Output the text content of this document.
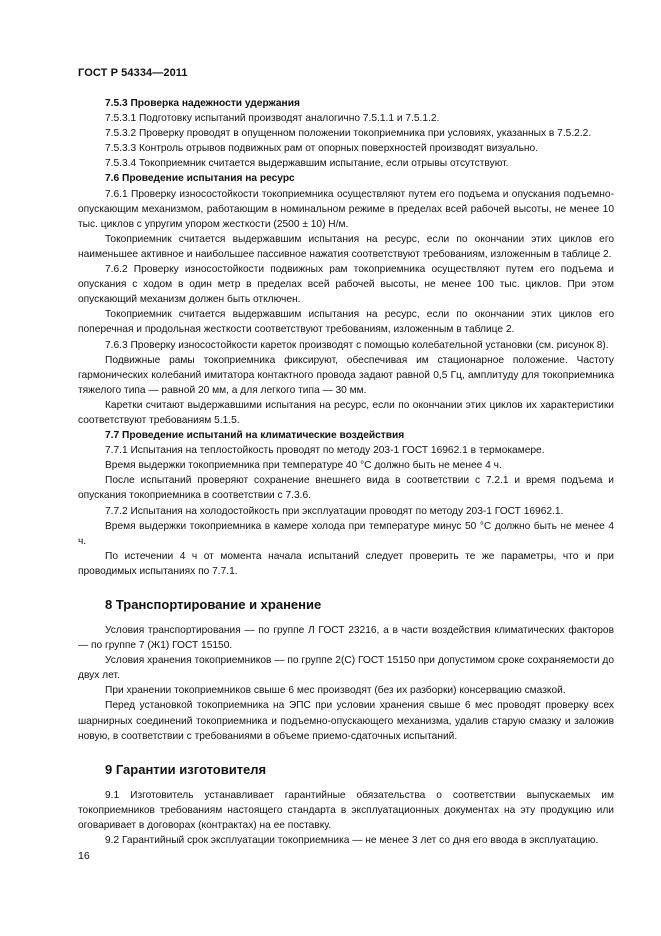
ГОСТ Р 54334—2011

7.5.3 Проверка надежности удержания

7.5.3.1 Подготовку испытаний производят аналогично 7.5.1.1 и 7.5.1.2.

7.5.3.2 Проверку проводят в опущенном положении токоприемника при условиях, указанных в 7.5.2.2.

7.5.3.3 Контроль отрывов подвижных рам от опорных поверхностей производят визуально.

7.5.3.4 Токоприемник считается выдержавшим испытание, если отрывы отсутствуют.

7.6 Проведение испытания на ресурс

7.6.1 Проверку износостойкости токоприемника осуществляют путем его подъема и опускания подъемно-опускающим механизмом, работающим в номинальном режиме в пределах всей рабочей высоты, не менее 10 тыс. циклов с упругим упором жесткости (2500 ± 10) Н/м.

Токоприемник считается выдержавшим испытания на ресурс, если по окончании этих циклов его наименьшее активное и наибольшее пассивное нажатия соответствуют требованиям, изложенным в таблице 2.

7.6.2 Проверку износостойкости подвижных рам токоприемника осуществляют путем его подъема и опускания с ходом в один метр в пределах всей рабочей высоты, не менее 100 тыс. циклов. При этом опускающий механизм должен быть отключен.

Токоприемник считается выдержавшим испытания на ресурс, если по окончании этих циклов его поперечная и продольная жесткости соответствуют требованиям, изложенным в таблице 2.

7.6.3 Проверку износостойкости кареток производят с помощью колебательной установки (см. рисунок 8).

Подвижные рамы токоприемника фиксируют, обеспечивая им стационарное положение. Частоту гармонических колебаний имитатора контактного провода задают равной 0,5 Гц, амплитуду для токоприемника тяжелого типа — равной 20 мм, а для легкого типа — 30 мм.

Каретки считают выдержавшими испытания на ресурс, если по окончании этих циклов их характеристики соответствуют требованиям 5.1.5.

7.7 Проведение испытаний на климатические воздействия

7.7.1 Испытания на теплостойкость проводят по методу 203-1 ГОСТ 16962.1 в термокамере.

Время выдержки токоприемника при температуре 40 °С должно быть не менее 4 ч.

После испытаний проверяют сохранение внешнего вида в соответствии с 7.2.1 и время подъема и опускания токоприемника в соответствии с 7.3.6.

7.7.2 Испытания на холодостойкость при эксплуатации проводят по методу 203-1 ГОСТ 16962.1.

Время выдержки токоприемника в камере холода при температуре минус 50 °С должно быть не менее 4 ч.

По истечении 4 ч от момента начала испытаний следует проверить те же параметры, что и при проводимых испытаниях по 7.7.1.

8 Транспортирование и хранение

Условия транспортирования — по группе Л ГОСТ 23216, а в части воздействия климатических факторов — по группе 7 (Ж1) ГОСТ 15150.

Условия хранения токоприемников — по группе 2(С) ГОСТ 15150 при допустимом сроке сохраняемости до двух лет.

При хранении токоприемников свыше 6 мес производят (без их разборки) консервацию смазкой.

Перед установкой токоприемника на ЭПС при условии хранения свыше 6 мес проводят проверку всех шарнирных соединений токоприемника и подъемно-опускающего механизма, удалив старую смазку и заложив новую, в соответствии с требованиями в объеме приемо-сдаточных испытаний.

9 Гарантии изготовителя

9.1 Изготовитель устанавливает гарантийные обязательства о соответствии выпускаемых им токоприемников требованиям настоящего стандарта в эксплуатационных документах на эту продукцию или оговаривает в договорах (контрактах) на ее поставку.

9.2 Гарантийный срок эксплуатации токоприемника — не менее 3 лет со дня его ввода в эксплуатацию.

16
